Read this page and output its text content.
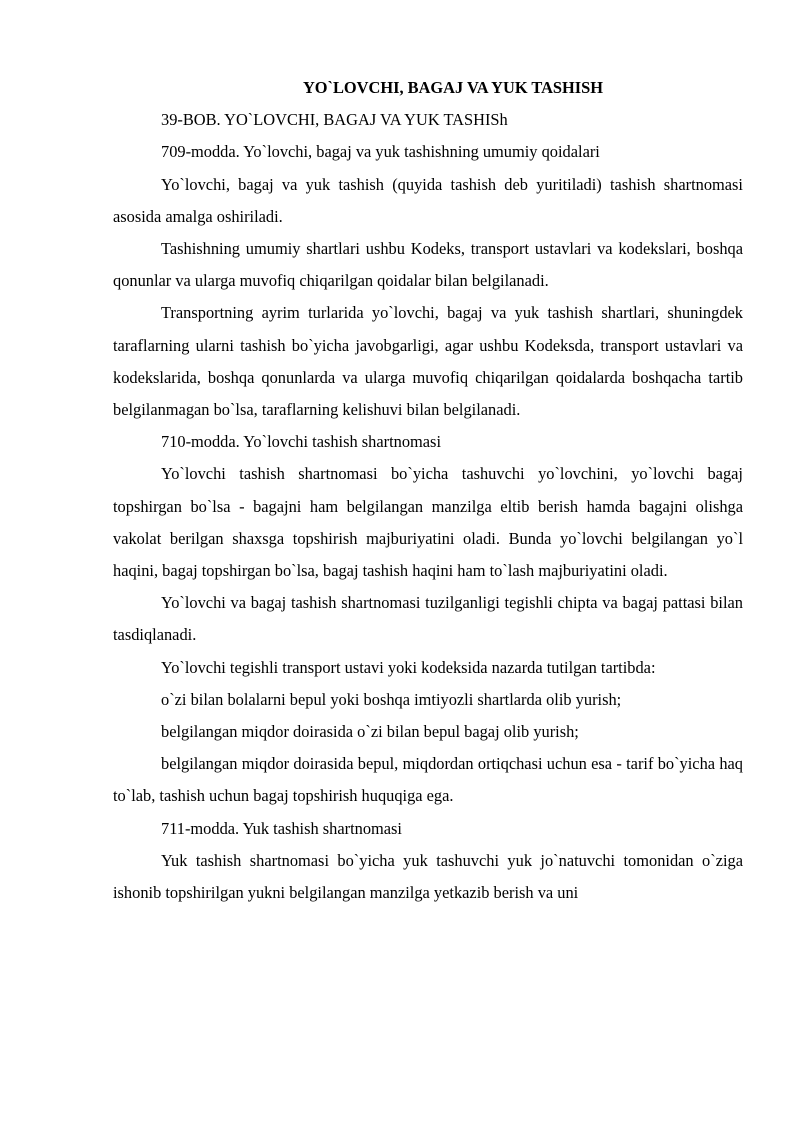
YO`LOVCHI, BAGAJ VA YUK TASHISH

39-BOB. YO`LOVCHI, BAGAJ VA YUK TASHISh

709-modda. Yo`lovchi, bagaj va yuk tashishning umumiy qoidalari

Yo`lovchi, bagaj va yuk tashish (quyida tashish deb yuritiladi) tashish shartnomasi asosida amalga oshiriladi.

Tashishning umumiy shartlari ushbu Kodeks, transport ustavlari va kodekslari, boshqa qonunlar va ularga muvofiq chiqarilgan qoidalar bilan belgilanadi.

Transportning ayrim turlarida yo`lovchi, bagaj va yuk tashish shartlari, shuningdek taraflarning ularni tashish bo`yicha javobgarligi, agar ushbu Kodeksda, transport ustavlari va kodekslarida, boshqa qonunlarda va ularga muvofiq chiqarilgan qoidalarda boshqacha tartib belgilanmagan bo`lsa, taraflarning kelishuvi bilan belgilanadi.

710-modda. Yo`lovchi tashish shartnomasi

Yo`lovchi tashish shartnomasi bo`yicha tashuvchi yo`lovchini, yo`lovchi bagaj topshirgan bo`lsa - bagajni ham belgilangan manzilga eltib berish hamda bagajni olishga vakolat berilgan shaxsga topshirish majburiyatini oladi. Bunda yo`lovchi belgilangan yo`l haqini, bagaj topshirgan bo`lsa, bagaj tashish haqini ham to`lash majburiyatini oladi.

Yo`lovchi va bagaj tashish shartnomasi tuzilganligi tegishli chipta va bagaj pattasi bilan tasdiqlanadi.

Yo`lovchi tegishli transport ustavi yoki kodeksida nazarda tutilgan tartibda:

o`zi bilan bolalarni bepul yoki boshqa imtiyozli shartlarda olib yurish;

belgilangan miqdor doirasida o`zi bilan bepul bagaj olib yurish;

belgilangan miqdor doirasida bepul, miqdordan ortiqchasi uchun esa - tarif bo`yicha haq to`lab, tashish uchun bagaj topshirish huquqiga ega.

711-modda. Yuk tashish shartnomasi

Yuk tashish shartnomasi bo`yicha yuk tashuvchi yuk jo`natuvchi tomonidan o`ziga ishonib topshirilgan yukni belgilangan manzilga yetkazib berish va uni
